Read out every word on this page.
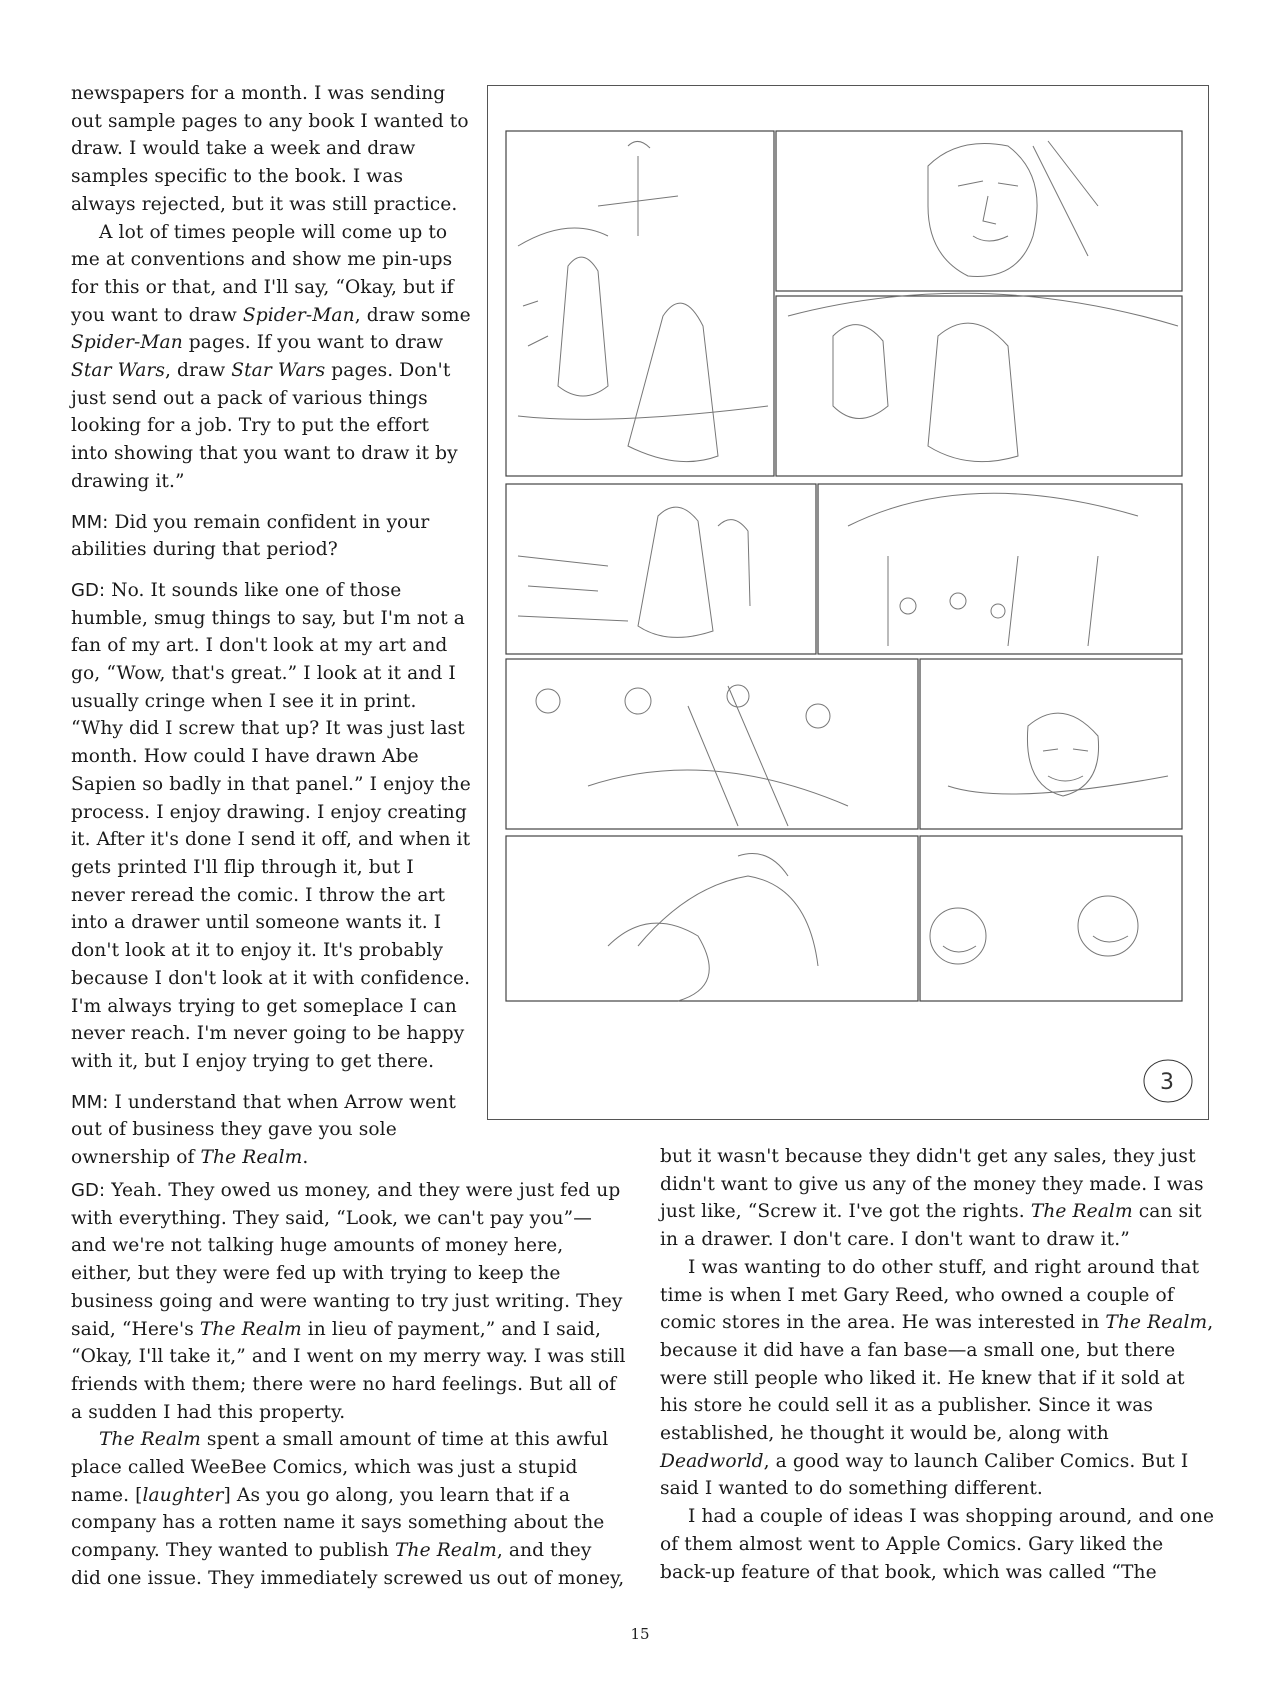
newspapers for a month. I was sending out sample pages to any book I wanted to draw. I would take a week and draw samples specific to the book. I was always rejected, but it was still practice.

A lot of times people will come up to me at conventions and show me pin-ups for this or that, and I'll say, “Okay, but if you want to draw Spider-Man, draw some Spider-Man pages. If you want to draw Star Wars, draw Star Wars pages. Don't just send out a pack of various things looking for a job. Try to put the effort into showing that you want to draw it by drawing it.”

MM: Did you remain confident in your abilities during that period?

GD: No. It sounds like one of those humble, smug things to say, but I'm not a fan of my art. I don't look at my art and go, “Wow, that's great.” I look at it and I usually cringe when I see it in print. “Why did I screw that up? It was just last month. How could I have drawn Abe Sapien so badly in that panel.” I enjoy the process. I enjoy drawing. I enjoy creating it. After it's done I send it off, and when it gets printed I'll flip through it, but I never reread the comic. I throw the art into a drawer until someone wants it. I don't look at it to enjoy it. It's probably because I don't look at it with confidence. I'm always trying to get someplace I can never reach. I'm never going to be happy with it, but I enjoy trying to get there.

MM: I understand that when Arrow went out of business they gave you sole ownership of The Realm.

3

GD: Yeah. They owed us money, and they were just fed up with everything. They said, “Look, we can't pay you”—and we're not talking huge amounts of money here, either, but they were fed up with trying to keep the business going and were wanting to try just writing. They said, “Here's The Realm in lieu of payment,” and I said, “Okay, I'll take it,” and I went on my merry way. I was still friends with them; there were no hard feelings. But all of a sudden I had this property.

The Realm spent a small amount of time at this awful place called WeeBee Comics, which was just a stupid name. [laughter] As you go along, you learn that if a company has a rotten name it says something about the company. They wanted to publish The Realm, and they did one issue. They immediately screwed us out of money,

but it wasn't because they didn't get any sales, they just didn't want to give us any of the money they made. I was just like, “Screw it. I've got the rights. The Realm can sit in a drawer. I don't care. I don't want to draw it.”

I was wanting to do other stuff, and right around that time is when I met Gary Reed, who owned a couple of comic stores in the area. He was interested in The Realm, because it did have a fan base—a small one, but there were still people who liked it. He knew that if it sold at his store he could sell it as a publisher. Since it was established, he thought it would be, along with Deadworld, a good way to launch Caliber Comics. But I said I wanted to do something different.

I had a couple of ideas I was shopping around, and one of them almost went to Apple Comics. Gary liked the back-up feature of that book, which was called “The

15
